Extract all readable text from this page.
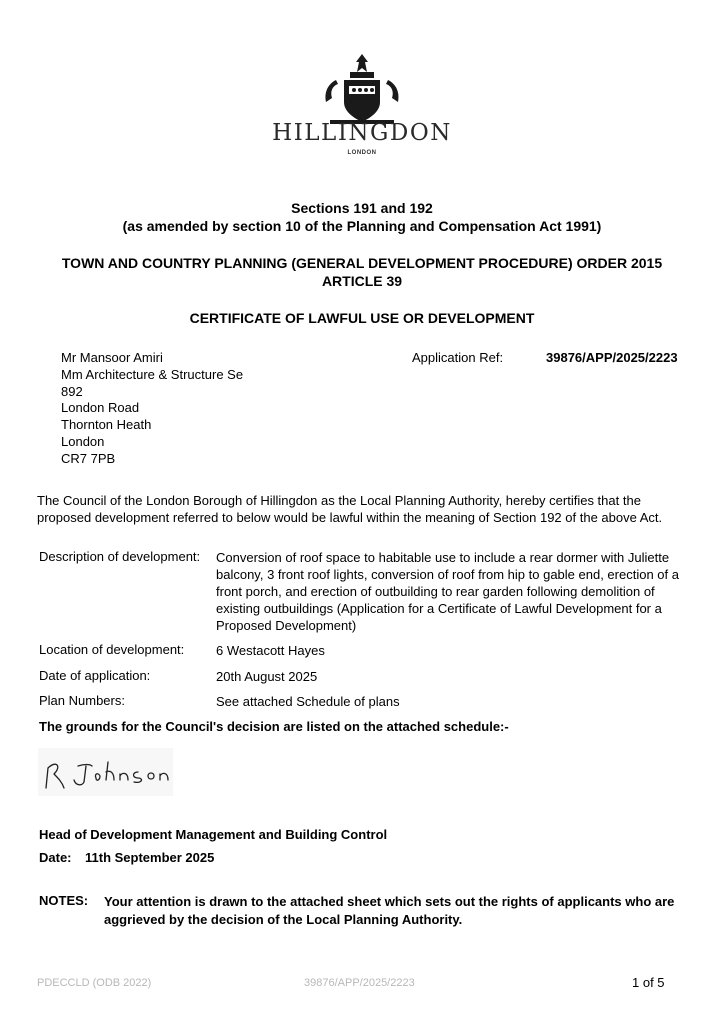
HILLINGDON
LONDON
Sections 191 and 192
(as amended by section 10 of the Planning and Compensation Act 1991)
TOWN AND COUNTRY PLANNING (GENERAL DEVELOPMENT PROCEDURE) ORDER 2015
ARTICLE 39
CERTIFICATE OF LAWFUL USE OR DEVELOPMENT
Mr Mansoor Amiri
Mm Architecture & Structure Se
892
London Road
Thornton Heath
London
CR7 7PB
Application Ref:	39876/APP/2025/2223
The Council of the London Borough of Hillingdon as the Local Planning Authority, hereby certifies that the proposed development referred to below would be lawful within the meaning of Section 192 of the above Act.
Description of development: Conversion of roof space to habitable use to include a rear dormer with Juliette balcony, 3 front roof lights, conversion of roof from hip to gable end, erection of a front porch, and erection of outbuilding to rear garden following demolition of existing outbuildings (Application for a Certificate of Lawful Development for a Proposed Development)
Location of development: 6 Westacott Hayes
Date of application:	20th August 2025
Plan Numbers:	See attached Schedule of plans
The grounds for the Council's decision are listed on the attached schedule:-
Head of Development Management and Building Control
Date: 11th September 2025
NOTES: Your attention is drawn to the attached sheet which sets out the rights of applicants who are aggrieved by the decision of the Local Planning Authority.
PDECCLD (ODB 2022)	39876/APP/2025/2223	1 of 5
